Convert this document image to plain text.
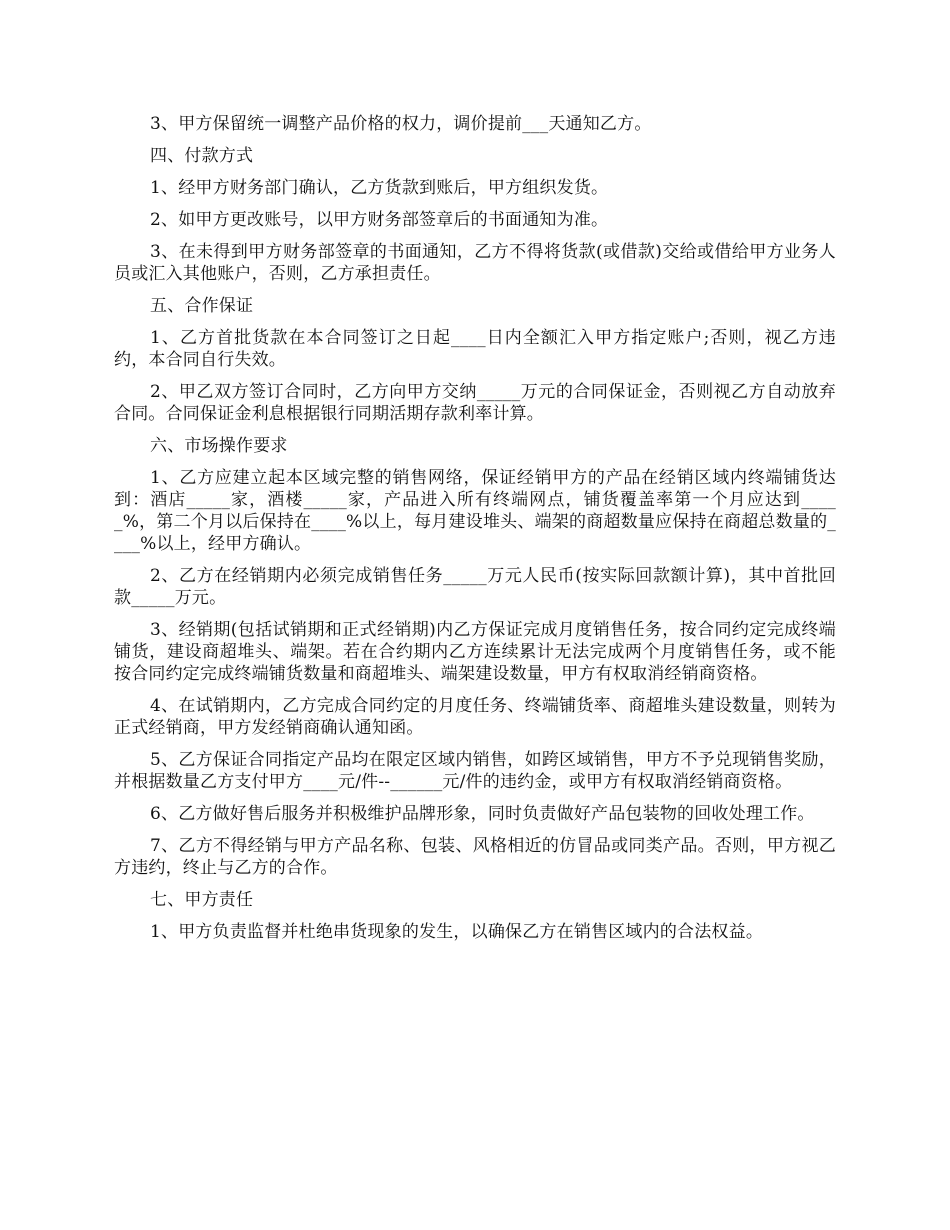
3、甲方保留统一调整产品价格的权力，调价提前___天通知乙方。

四、付款方式

1、经甲方财务部门确认，乙方货款到账后，甲方组织发货。

2、如甲方更改账号，以甲方财务部签章后的书面通知为准。

3、在未得到甲方财务部签章的书面通知，乙方不得将货款(或借款)交给或借给甲方业务人员或汇入其他账户，否则，乙方承担责任。

五、合作保证

1、乙方首批货款在本合同签订之日起____日内全额汇入甲方指定账户;否则，视乙方违约，本合同自行失效。

2、甲乙双方签订合同时，乙方向甲方交纳_____万元的合同保证金，否则视乙方自动放弃合同。合同保证金利息根据银行同期活期存款利率计算。

六、市场操作要求

1、乙方应建立起本区域完整的销售网络，保证经销甲方的产品在经销区域内终端铺货达到：酒店_____家，酒楼_____家，产品进入所有终端网点，铺货覆盖率第一个月应达到_____%，第二个月以后保持在____%以上，每月建设堆头、端架的商超数量应保持在商超总数量的____%以上，经甲方确认。

2、乙方在经销期内必须完成销售任务_____万元人民币(按实际回款额计算)，其中首批回款_____万元。

3、经销期(包括试销期和正式经销期)内乙方保证完成月度销售任务，按合同约定完成终端铺货，建设商超堆头、端架。若在合约期内乙方连续累计无法完成两个月度销售任务，或不能按合同约定完成终端铺货数量和商超堆头、端架建设数量，甲方有权取消经销商资格。

4、在试销期内，乙方完成合同约定的月度任务、终端铺货率、商超堆头建设数量，则转为正式经销商，甲方发经销商确认通知函。

5、乙方保证合同指定产品均在限定区域内销售，如跨区域销售，甲方不予兑现销售奖励，并根据数量乙方支付甲方____元/件--______元/件的违约金，或甲方有权取消经销商资格。

6、乙方做好售后服务并积极维护品牌形象，同时负责做好产品包装物的回收处理工作。

7、乙方不得经销与甲方产品名称、包装、风格相近的仿冒品或同类产品。否则，甲方视乙方违约，终止与乙方的合作。

七、甲方责任

1、甲方负责监督并杜绝串货现象的发生，以确保乙方在销售区域内的合法权益。
